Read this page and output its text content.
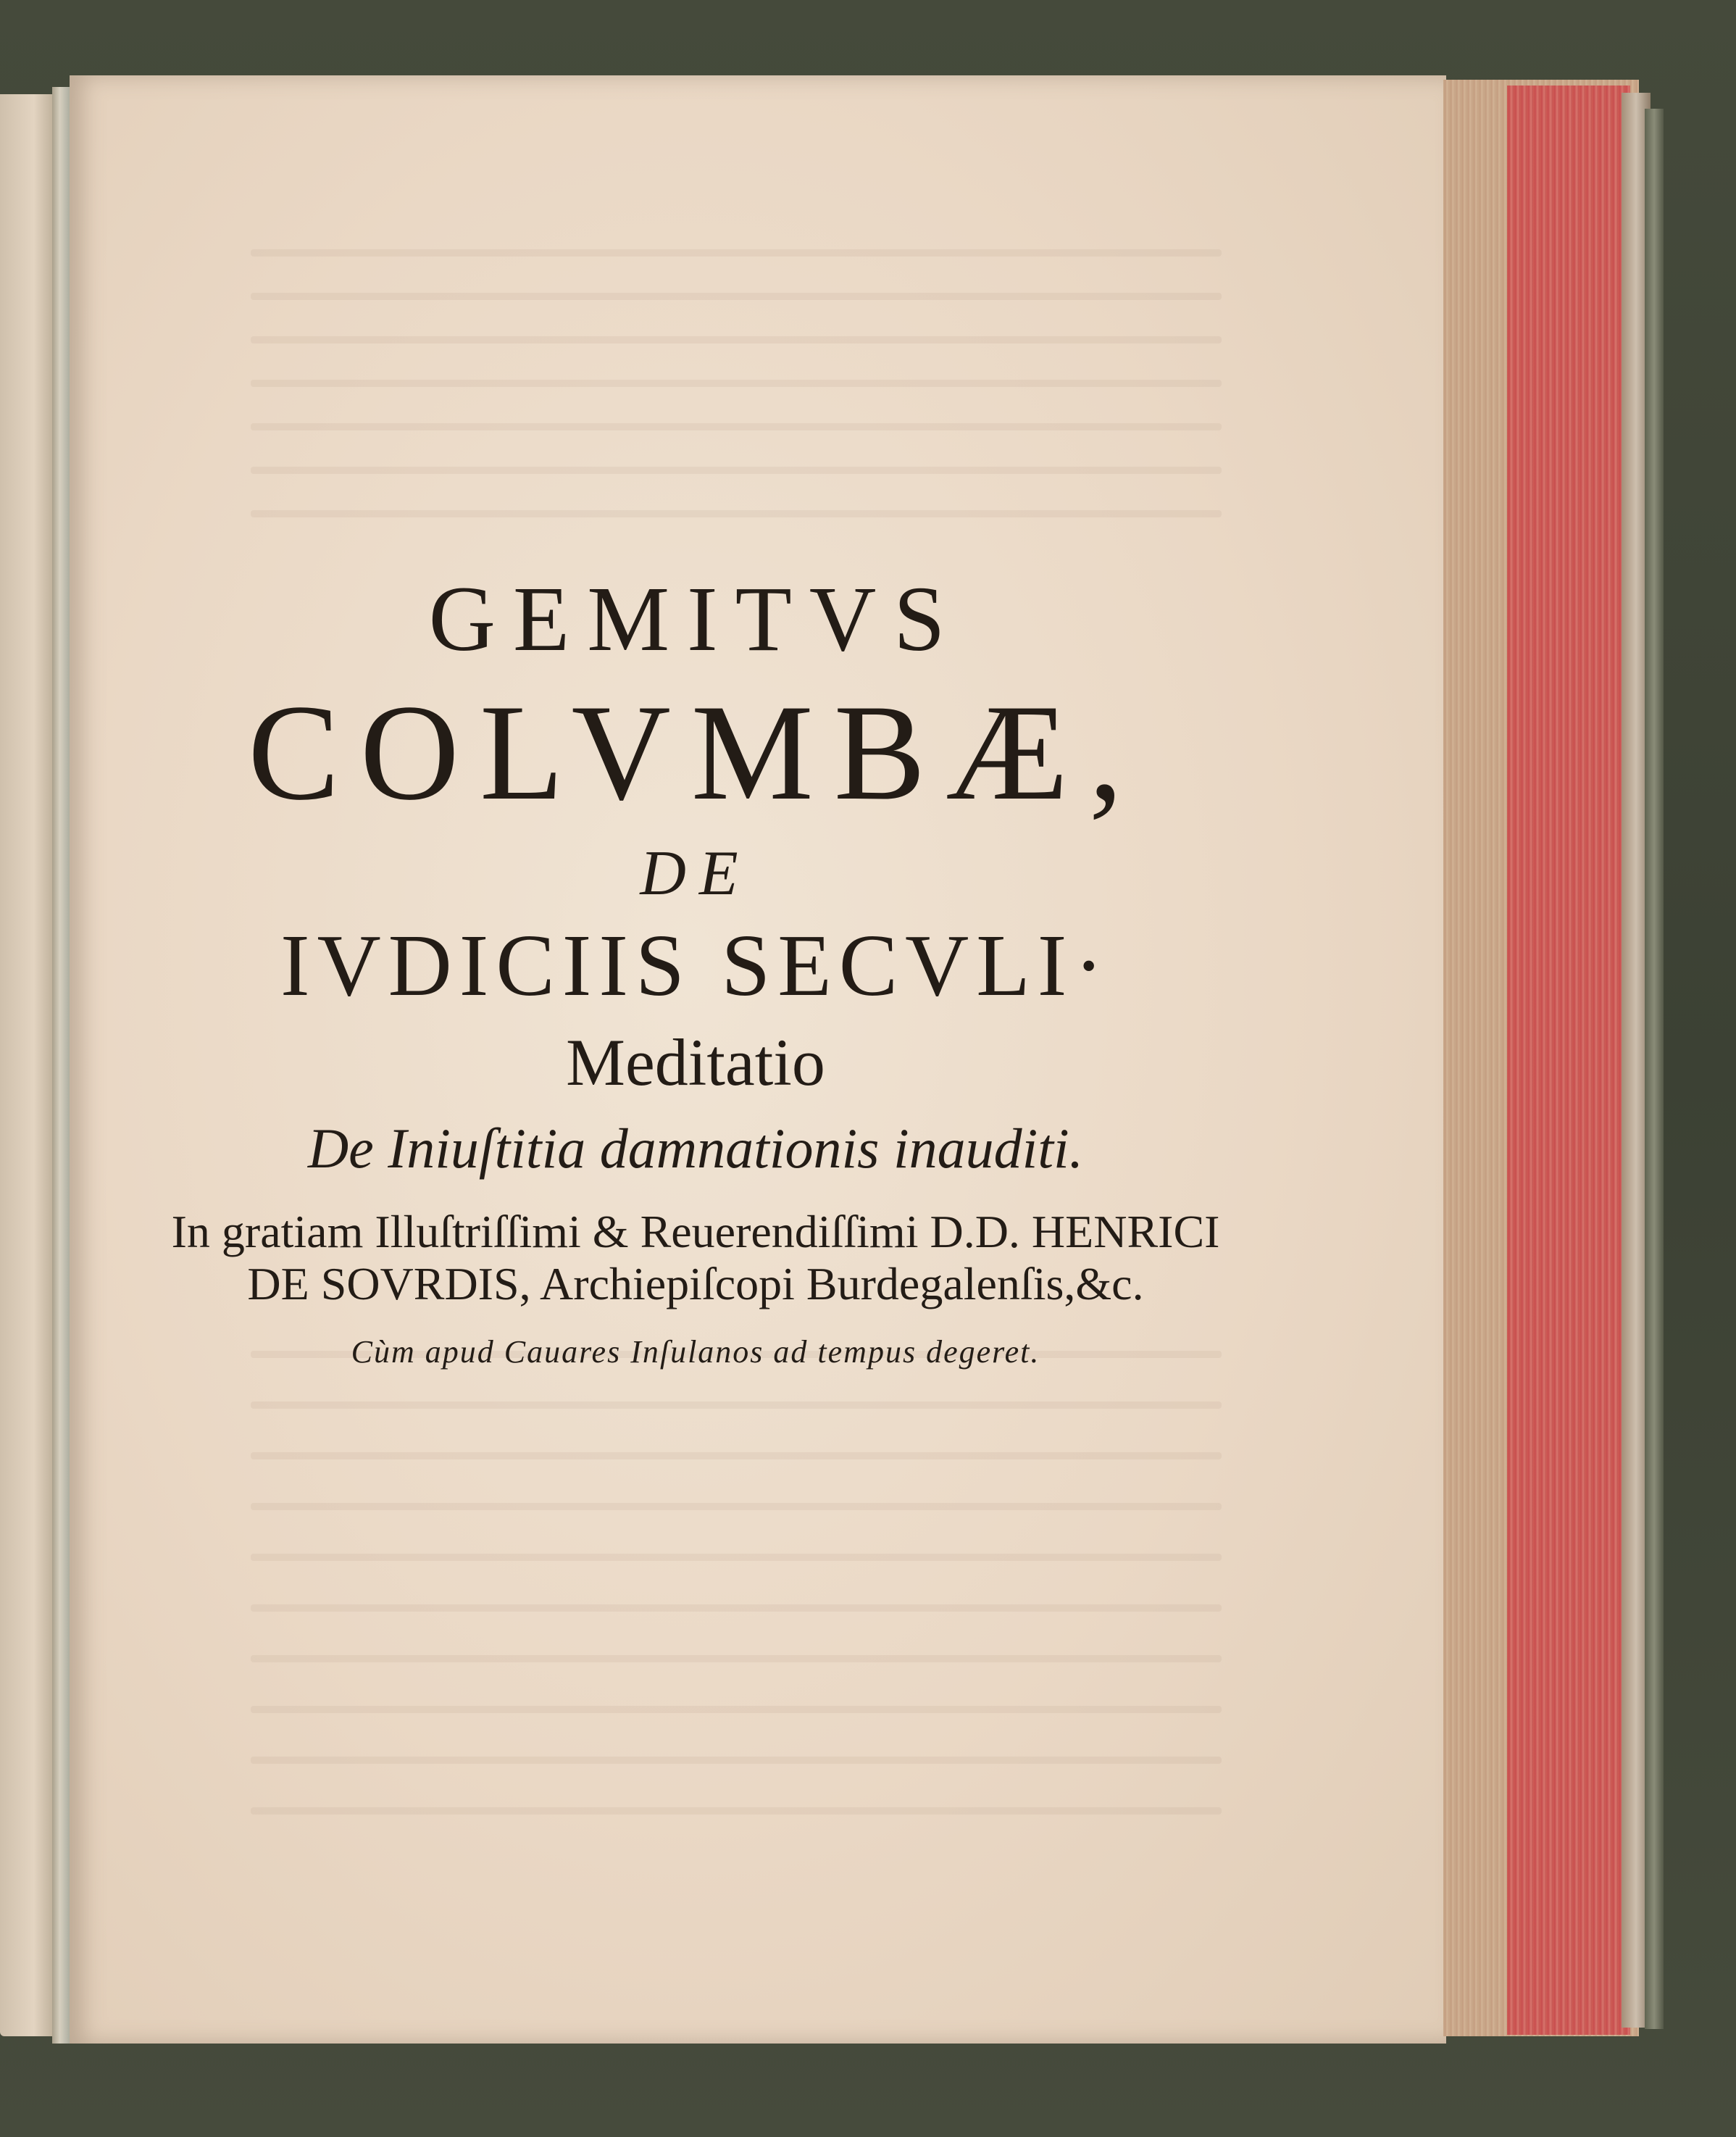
GEMITVS
COLVMBÆ,
DE
IVDICIIS SECVLI·
Meditatio
De Iniuſtitia damnationis inauditi.
In gratiam Illuſtriſſimi & Reuerendiſſimi D.D. HENRICI
DE SOVRDIS, Archiepiſcopi Burdegalenſis,&c.
Cùm apud Cauares Inſulanos ad tempus degeret.
